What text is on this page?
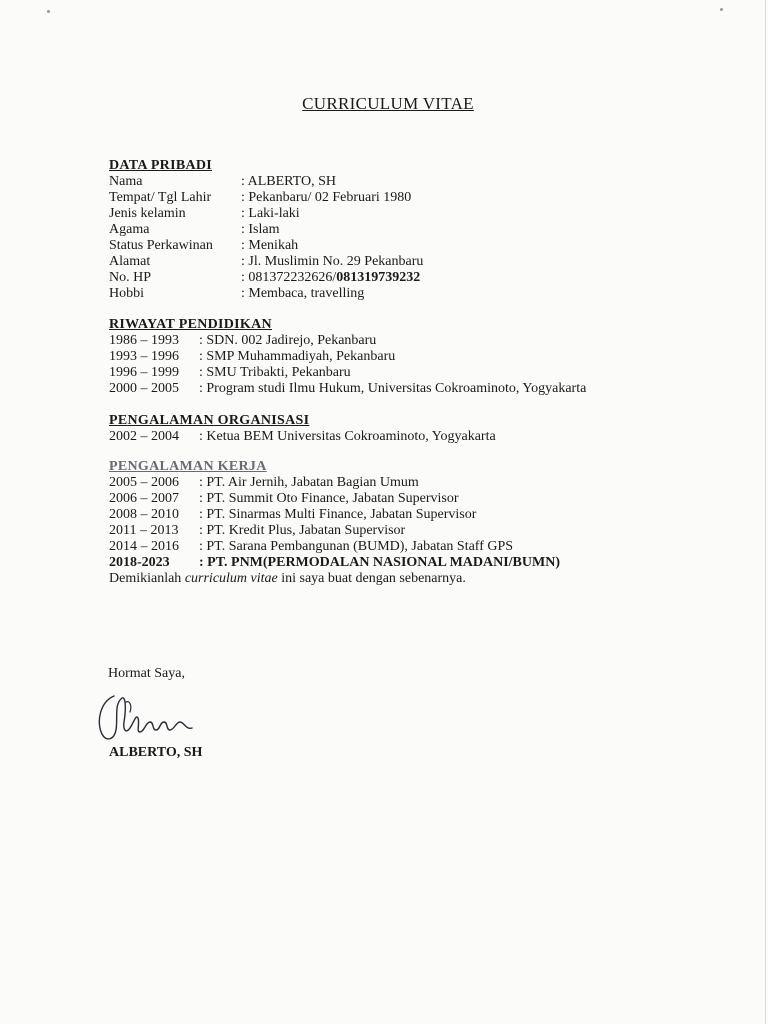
CURRICULUM VITAE
DATA PRIBADI
Nama	: ALBERTO, SH
Tempat/ Tgl Lahir : Pekanbaru/ 02 Februari 1980
Jenis kelamin	: Laki-laki
Agama	: Islam
Status Perkawinan : Menikah
Alamat	: Jl. Muslimin No. 29 Pekanbaru
No. HP	: 081372232626/081319739232
Hobbi	: Membaca, travelling
RIWAYAT PENDIDIKAN
1986 – 1993 : SDN. 002 Jadirejo, Pekanbaru
1993 – 1996 : SMP Muhammadiyah, Pekanbaru
1996 – 1999 : SMU Tribakti, Pekanbaru
2000 – 2005 : Program studi Ilmu Hukum, Universitas Cokroaminoto, Yogyakarta
PENGALAMAN ORGANISASI
2002 – 2004 : Ketua BEM Universitas Cokroaminoto, Yogyakarta
PENGALAMAN KERJA
2005 – 2006 : PT. Air Jernih, Jabatan Bagian Umum
2006 – 2007 : PT. Summit Oto Finance, Jabatan Supervisor
2008 – 2010 : PT. Sinarmas Multi Finance, Jabatan Supervisor
2011 – 2013 : PT. Kredit Plus, Jabatan Supervisor
2014 – 2016 : PT. Sarana Pembangunan (BUMD), Jabatan Staff GPS
2018-2023 : PT. PNM(PERMODALAN NASIONAL MADANI/BUMN)
Demikianlah curriculum vitae ini saya buat dengan sebenarnya.
Hormat Saya,
ALBERTO, SH
